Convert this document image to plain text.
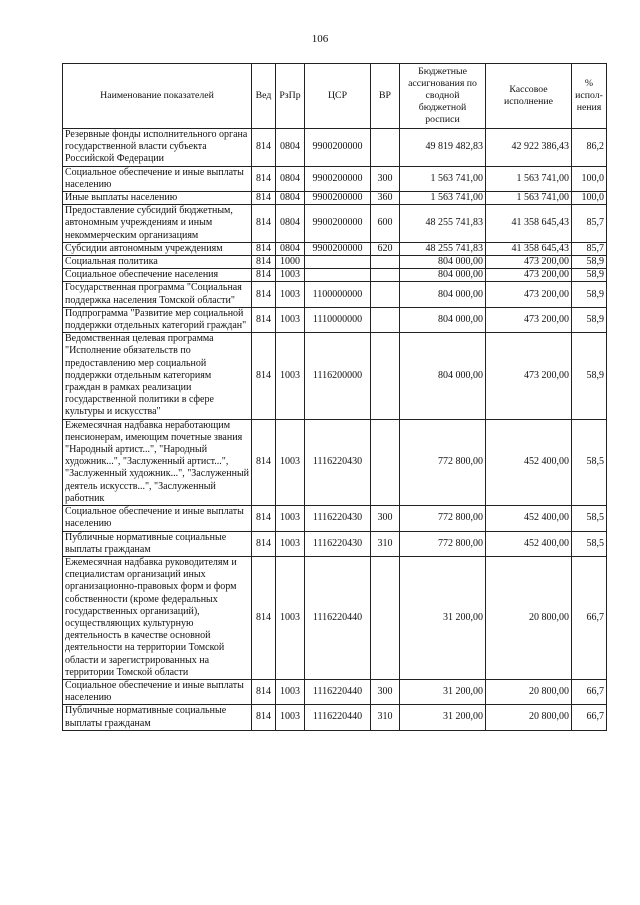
106
Наименование показателей	Вед	РзПр	ЦСР	ВР	Бюджетные ассигнования по сводной бюджетной росписи	Кассовое исполнение	% испол-нения
Резервные фонды исполнительного органа государственной власти субъекта Российской Федерации	814	0804	9900200000		49 819 482,83	42 922 386,43	86,2
Социальное обеспечение и иные выплаты населению	814	0804	9900200000	300	1 563 741,00	1 563 741,00	100,0
Иные выплаты населению	814	0804	9900200000	360	1 563 741,00	1 563 741,00	100,0
Предоставление субсидий бюджетным, автономным учреждениям и иным некоммерческим организациям	814	0804	9900200000	600	48 255 741,83	41 358 645,43	85,7
Субсидии автономным учреждениям	814	0804	9900200000	620	48 255 741,83	41 358 645,43	85,7
Социальная политика	814	1000			804 000,00	473 200,00	58,9
Социальное обеспечение населения	814	1003			804 000,00	473 200,00	58,9
Государственная программа "Социальная поддержка населения Томской области"	814	1003	1100000000		804 000,00	473 200,00	58,9
Подпрограмма "Развитие мер социальной поддержки отдельных категорий граждан"	814	1003	1110000000		804 000,00	473 200,00	58,9
Ведомственная целевая программа "Исполнение обязательств по предоставлению мер социальной поддержки отдельным категориям граждан в рамках реализации государственной политики в сфере культуры и искусства"	814	1003	1116200000		804 000,00	473 200,00	58,9
Ежемесячная надбавка неработающим пенсионерам, имеющим почетные звания "Народный артист...", "Народный художник...", "Заслуженный артист...", "Заслуженный художник...", "Заслуженный деятель искусств...", "Заслуженный работник	814	1003	1116220430		772 800,00	452 400,00	58,5
Социальное обеспечение и иные выплаты населению	814	1003	1116220430	300	772 800,00	452 400,00	58,5
Публичные нормативные социальные выплаты гражданам	814	1003	1116220430	310	772 800,00	452 400,00	58,5
Ежемесячная надбавка руководителям и специалистам организаций иных организационно-правовых форм и форм собственности (кроме федеральных государственных организаций), осуществляющих культурную деятельность в качестве основной деятельности на территории Томской области и зарегистрированных на территории Томской области	814	1003	1116220440		31 200,00	20 800,00	66,7
Социальное обеспечение и иные выплаты населению	814	1003	1116220440	300	31 200,00	20 800,00	66,7
Публичные нормативные социальные выплаты гражданам	814	1003	1116220440	310	31 200,00	20 800,00	66,7
